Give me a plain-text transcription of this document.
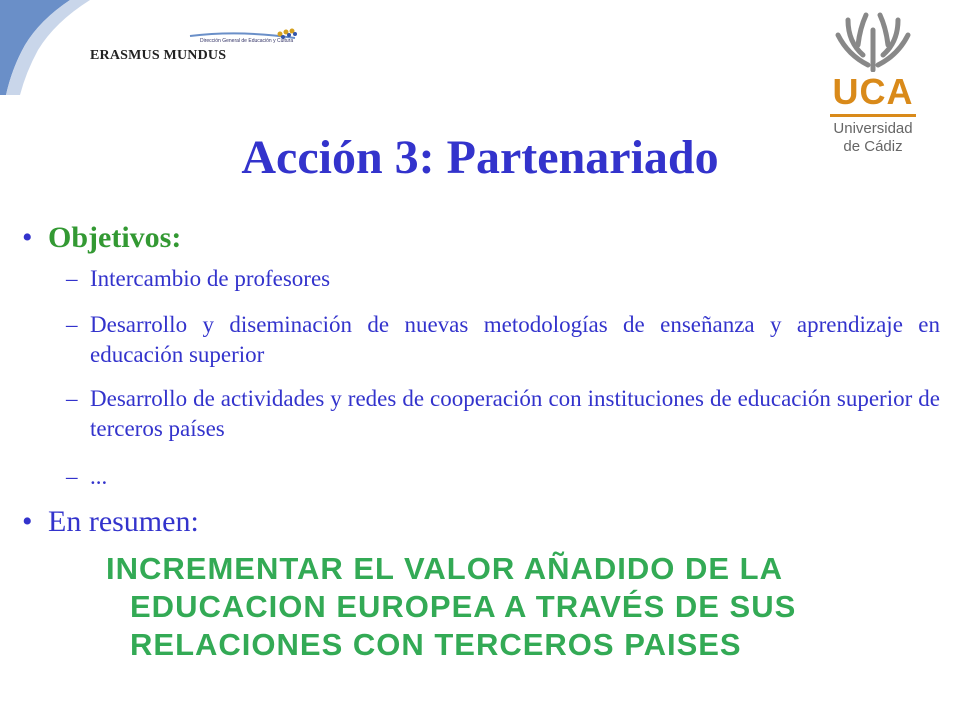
Dirección General de Educación y Cultura
ERASMUS MUNDUS
UCA
Universidad
de Cádiz
Acción 3: Partenariado
• Objetivos:
– Intercambio de profesores
– Desarrollo y diseminación de nuevas metodologías de enseñanza y aprendizaje en educación superior
– Desarrollo de actividades y redes de cooperación con instituciones de educación superior de terceros países
– ...
• En resumen:
INCREMENTAR EL VALOR AÑADIDO DE LA
EDUCACION EUROPEA A TRAVÉS DE SUS
RELACIONES CON TERCEROS PAISES
